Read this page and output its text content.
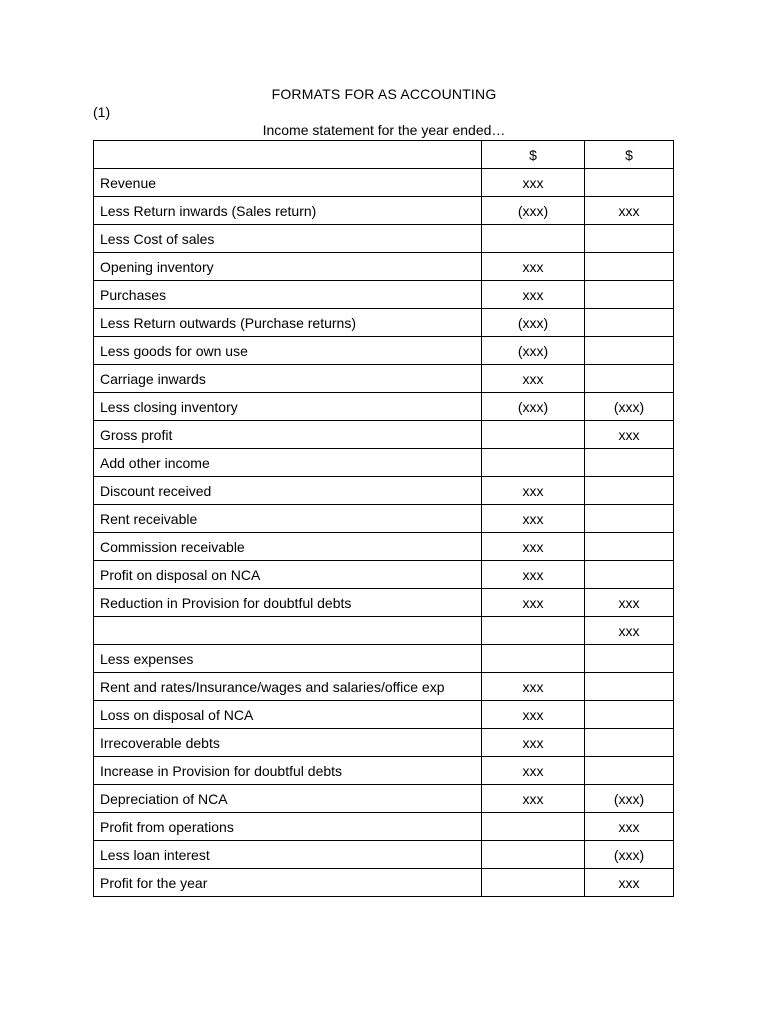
FORMATS FOR AS ACCOUNTING
(1)
Income statement for the year ended…
	$	$
Revenue	xxx	
Less Return inwards (Sales return)	(xxx)	xxx
Less Cost of sales		
Opening inventory	xxx	
Purchases	xxx	
Less Return outwards (Purchase returns)	(xxx)	
Less goods for own use	(xxx)	
Carriage inwards	xxx	
Less closing inventory	(xxx)	(xxx)
Gross profit		xxx
Add other income		
Discount received	xxx	
Rent receivable	xxx	
Commission receivable	xxx	
Profit on disposal on NCA	xxx	
Reduction in Provision for doubtful debts	xxx	xxx
		xxx
Less expenses		
Rent and rates/Insurance/wages and salaries/office exp	xxx	
Loss on disposal of NCA	xxx	
Irrecoverable debts	xxx	
Increase in Provision for doubtful debts	xxx	
Depreciation of NCA	xxx	(xxx)
Profit from operations		xxx
Less loan interest		(xxx)
Profit for the year		xxx
